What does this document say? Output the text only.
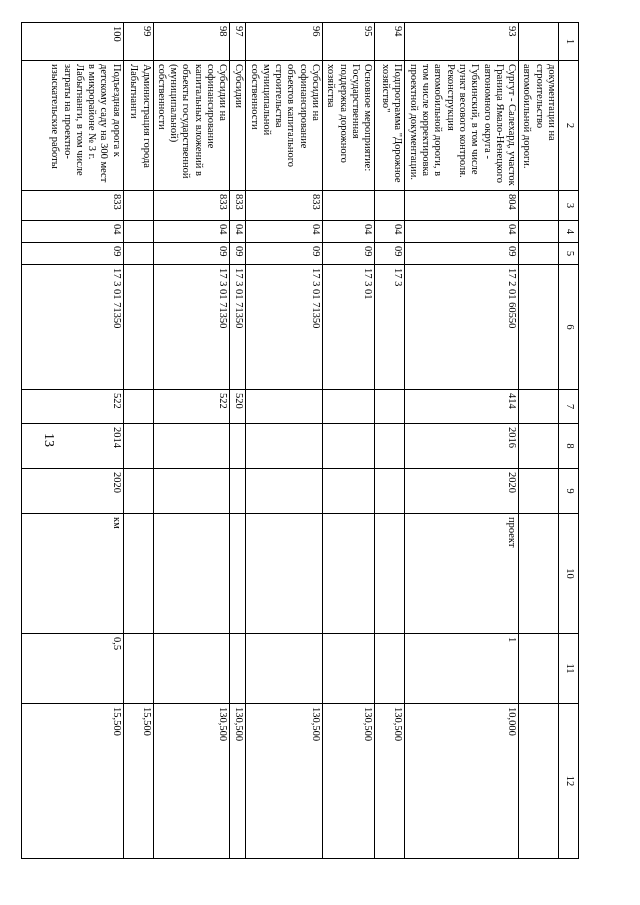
13
1	2	3	4	5	6	7	8	9	10	11	12
	документации на строительство автомобильной дороги.										
93	Сургут - Салехард, участок Граница Ямало-Ненецкого автономного округа - Губкинский, в том числе пункт весового контроля. Реконструкция автомобильной дороги, в том числе корректировка проектной документации.	804	04	09	17 2 01 60550	414	2016	2020	проект	1	10,000
94	Подпрограмма "Дорожное хозяйство"		04	09	17 3						130,500
95	Основное мероприятие: Государственная поддержка дорожного хозяйства		04	09	17 3 01						130,500
96	Субсидии на софинансирование объектов капитального строительства муниципальной собственности	833	04	09	17 3 01 71350						130,500
97	Субсидии	833	04	09	17 3 01 71350	520					130,500
98	Субсидии на софинансирование капитальных вложений в объекты государственной (муниципальной) собственности	833	04	09	17 3 01 71350	522					130,500
99	Администрация города Лабытнанги										15,500
100	Подъездная дорога к детскому саду на 300 мест в микрорайоне № 3 г. Лабытнанги, в том числе затраты на проектно-изыскательские работы	833	04	09	17 3 01 71350	522	2014	2020	км	0,5	15,500
